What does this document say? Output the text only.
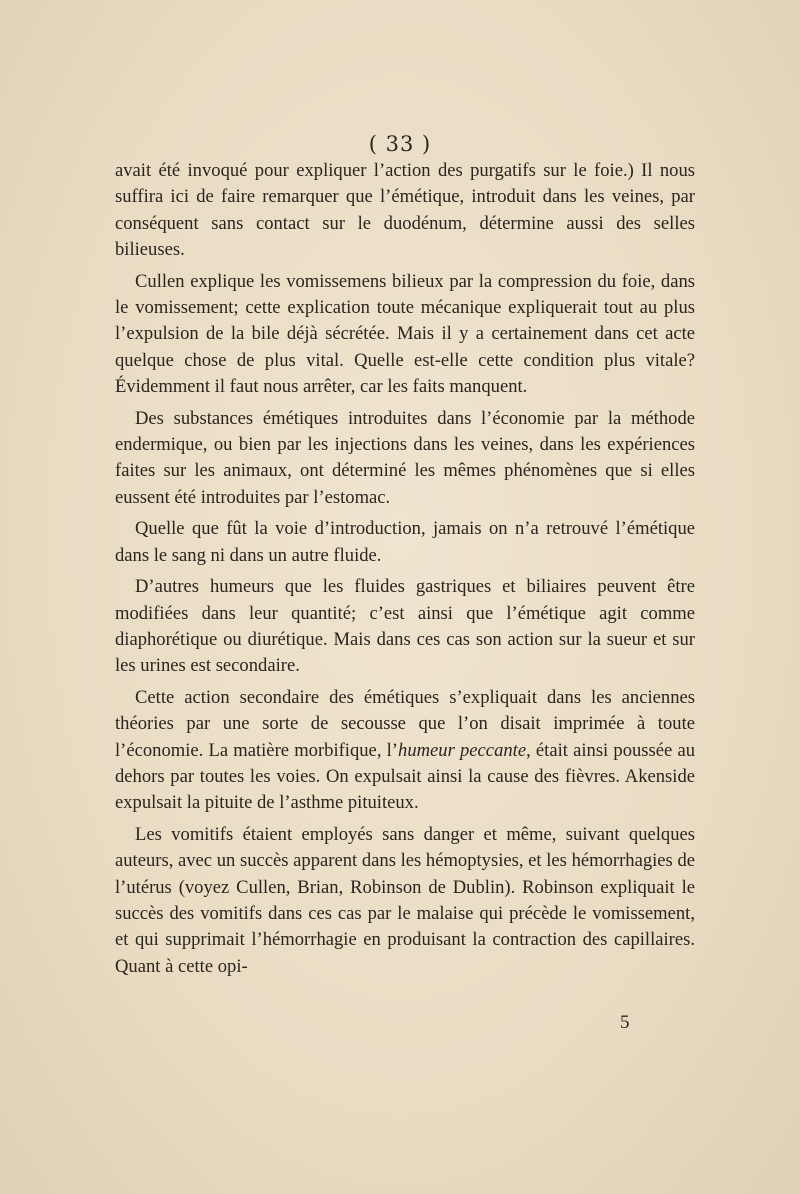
( 33 )

avait été invoqué pour expliquer l’action des purgatifs sur le foie.) Il nous suffira ici de faire remarquer que l’émétique, introduit dans les veines, par conséquent sans contact sur le duodénum, détermine aussi des selles bilieuses.

Cullen explique les vomissemens bilieux par la compression du foie, dans le vomissement; cette explication toute mécanique expliquerait tout au plus l’expulsion de la bile déjà sécrétée. Mais il y a certainement dans cet acte quelque chose de plus vital. Quelle est-elle cette condition plus vitale? Évidemment il faut nous arrêter, car les faits manquent.

Des substances émétiques introduites dans l’économie par la méthode endermique, ou bien par les injections dans les veines, dans les expériences faites sur les animaux, ont déterminé les mêmes phénomènes que si elles eussent été introduites par l’estomac.

Quelle que fût la voie d’introduction, jamais on n’a retrouvé l’émétique dans le sang ni dans un autre fluide.

D’autres humeurs que les fluides gastriques et biliaires peuvent être modifiées dans leur quantité; c’est ainsi que l’émétique agit comme diaphorétique ou diurétique. Mais dans ces cas son action sur la sueur et sur les urines est secondaire.

Cette action secondaire des émétiques s’expliquait dans les anciennes théories par une sorte de secousse que l’on disait imprimée à toute l’économie. La matière morbifique, l’humeur peccante, était ainsi poussée au dehors par toutes les voies. On expulsait ainsi la cause des fièvres. Akenside expulsait la pituite de l’asthme pituiteux.

Les vomitifs étaient employés sans danger et même, suivant quelques auteurs, avec un succès apparent dans les hémoptysies, et les hémorrhagies de l’utérus (voyez Cullen, Brian, Robinson de Dublin). Robinson expliquait le succès des vomitifs dans ces cas par le malaise qui précède le vomissement, et qui supprimait l’hémorrhagie en produisant la contraction des capillaires. Quant à cette opi-

5
